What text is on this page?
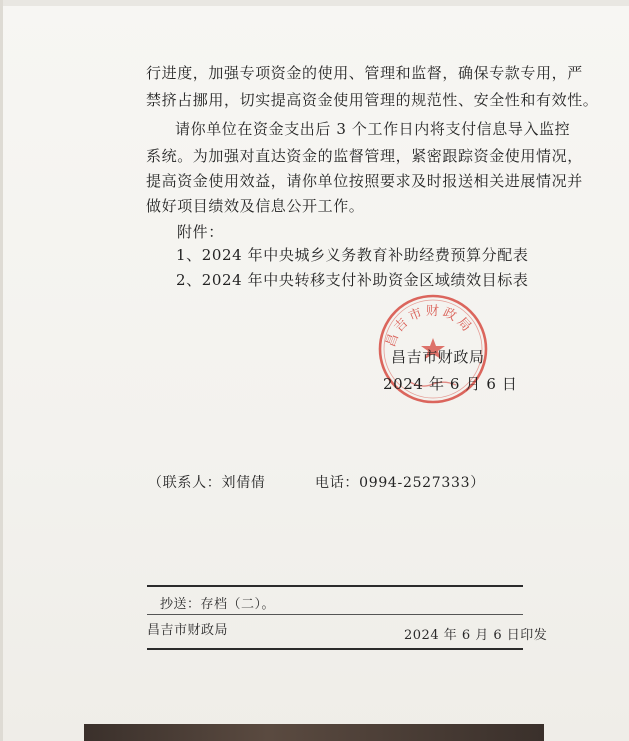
行进度，加强专项资金的使用、管理和监督，确保专款专用，严
禁挤占挪用，切实提高资金使用管理的规范性、安全性和有效性。
请你单位在资金支出后 3 个工作日内将支付信息导入监控
系统。为加强对直达资金的监督管理，紧密跟踪资金使用情况，
提高资金使用效益，请你单位按照要求及时报送相关进展情况并
做好项目绩效及信息公开工作。
附件：
1、2024 年中央城乡义务教育补助经费预算分配表
2、2024 年中央转移支付补助资金区域绩效目标表
昌吉市财政局
昌吉市财政局
2024 年 6 月 6 日
（联系人：刘倩倩	电话：0994-2527333）
抄送：存档（二）。
昌吉市财政局	2024 年 6 月 6 日印发
